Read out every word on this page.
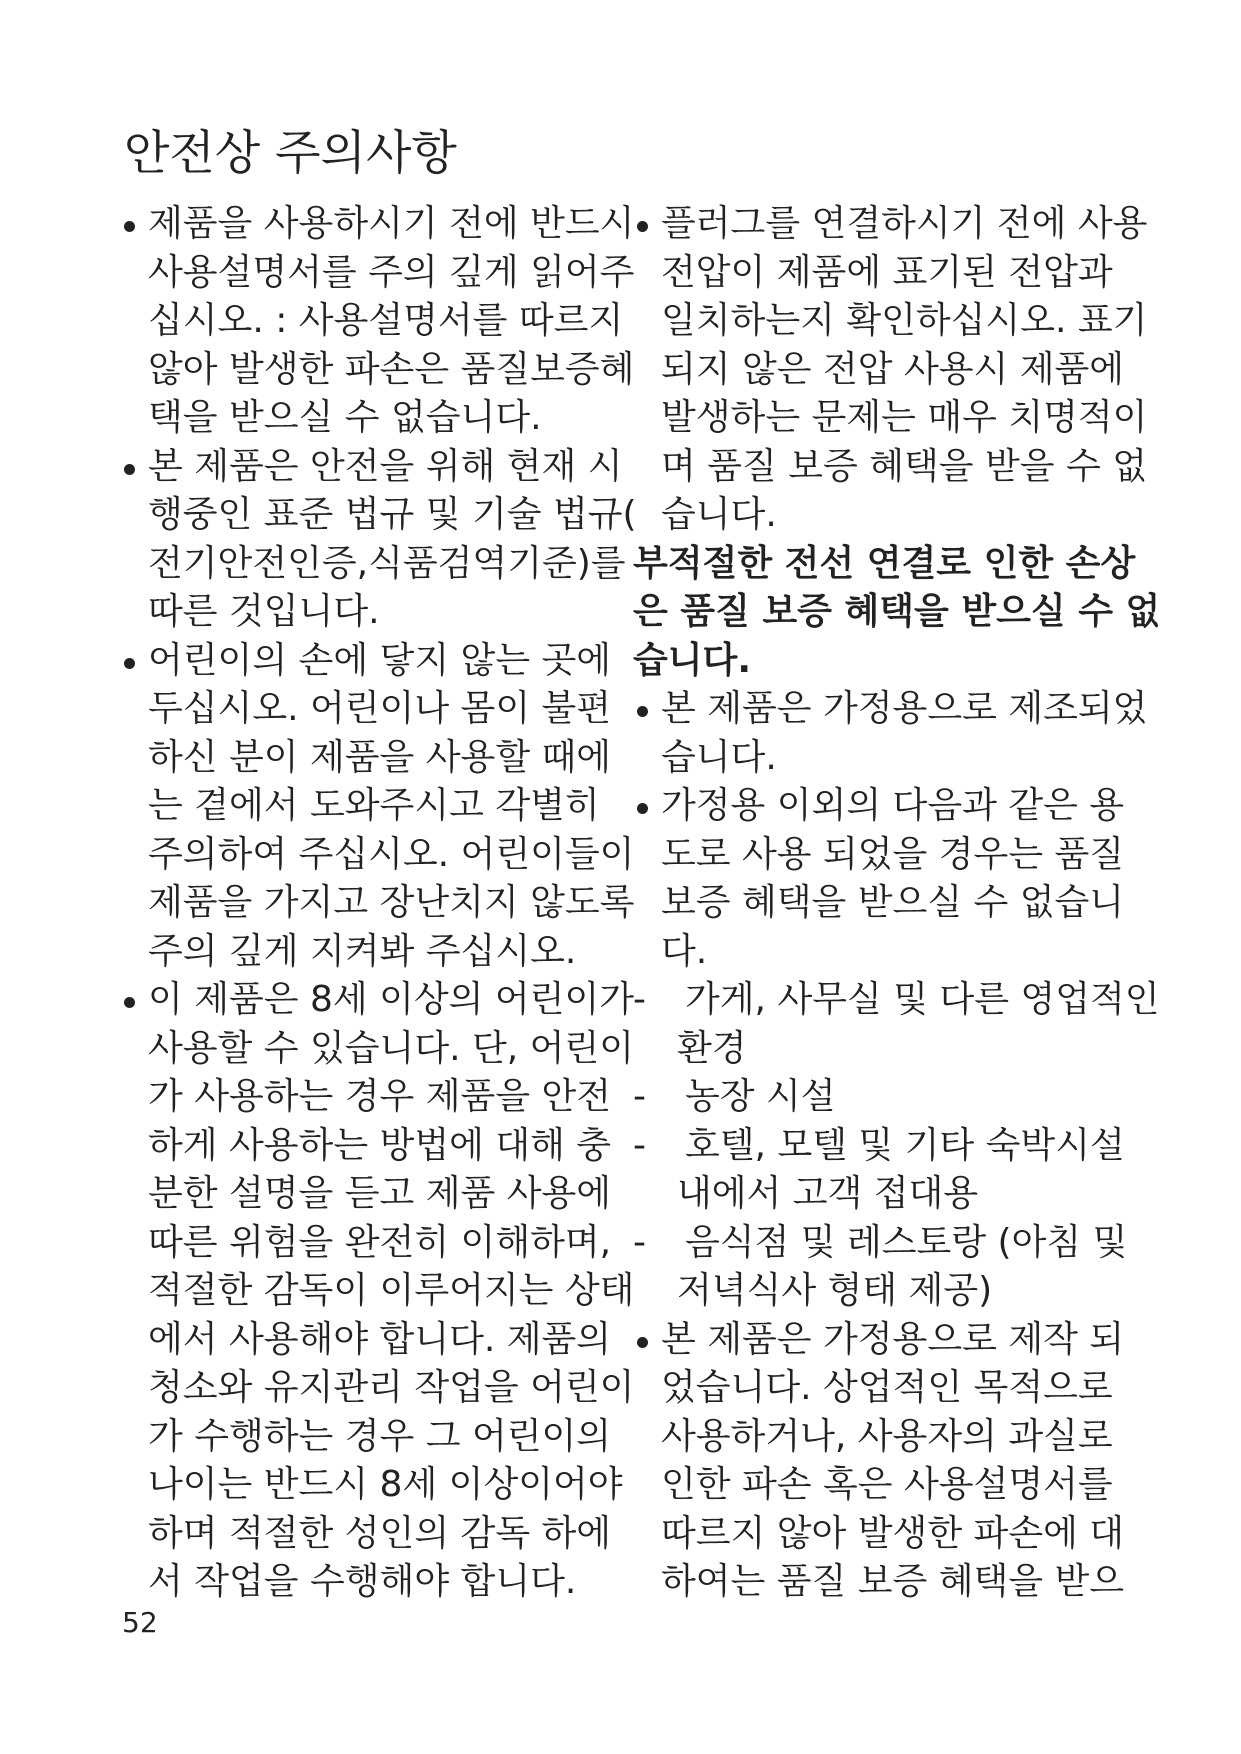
안전상 주의사항
제품을 사용하시기 전에 반드시
사용설명서를 주의 깊게 읽어주
십시오. : 사용설명서를 따르지
않아 발생한 파손은 품질보증혜
택을 받으실 수 없습니다.
본 제품은 안전을 위해 현재 시
행중인 표준 법규 및 기술 법규(
전기안전인증,식품검역기준)를
따른 것입니다.
어린이의 손에 닿지 않는 곳에
두십시오. 어린이나 몸이 불편
하신 분이 제품을 사용할 때에
는 곁에서 도와주시고 각별히
주의하여 주십시오. 어린이들이
제품을 가지고 장난치지 않도록
주의 깊게 지켜봐 주십시오.
이 제품은 8세 이상의 어린이가
사용할 수 있습니다. 단, 어린이
가 사용하는 경우 제품을 안전
하게 사용하는 방법에 대해 충
분한 설명을 듣고 제품 사용에
따른 위험을 완전히 이해하며,
적절한 감독이 이루어지는 상태
에서 사용해야 합니다. 제품의
청소와 유지관리 작업을 어린이
가 수행하는 경우 그 어린이의
나이는 반드시 8세 이상이어야
하며 적절한 성인의 감독 하에
서 작업을 수행해야 합니다.
플러그를 연결하시기 전에 사용
전압이 제품에 표기된 전압과
일치하는지 확인하십시오. 표기
되지 않은 전압 사용시 제품에
발생하는 문제는 매우 치명적이
며 품질 보증 혜택을 받을 수 없
습니다.
부적절한 전선 연결로 인한 손상
은 품질 보증 혜택을 받으실 수 없
습니다.
본 제품은 가정용으로 제조되었
습니다.
가정용 이외의 다음과 같은 용
도로 사용 되었을 경우는 품질
보증 혜택을 받으실 수 없습니
다.
- 가게, 사무실 및 다른 영업적인
환경
- 농장 시설
- 호텔, 모텔 및 기타 숙박시설
내에서 고객 접대용
- 음식점 및 레스토랑 (아침 및
저녁식사 형태 제공)
본 제품은 가정용으로 제작 되
었습니다. 상업적인 목적으로
사용하거나, 사용자의 과실로
인한 파손 혹은 사용설명서를
따르지 않아 발생한 파손에 대
하여는 품질 보증 혜택을 받으
52
